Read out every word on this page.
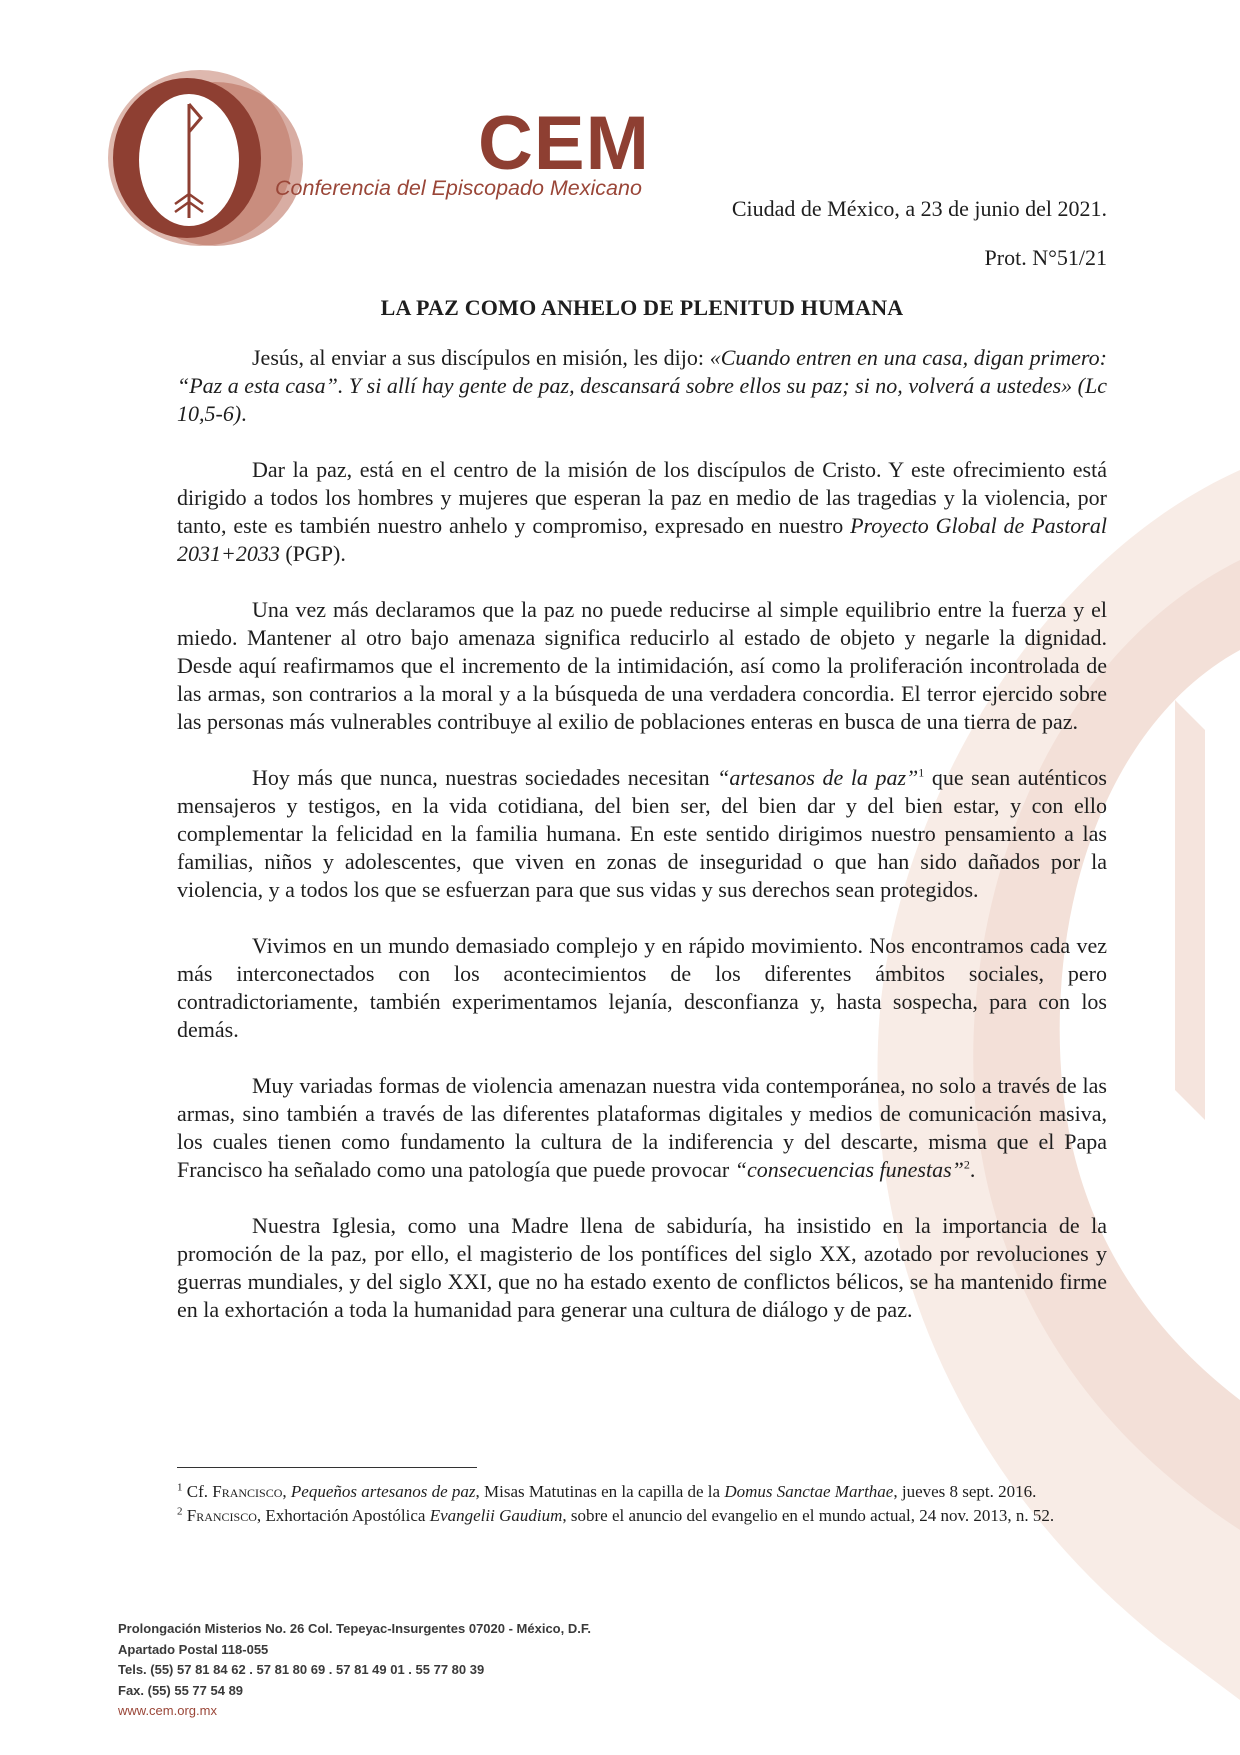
CEM

Conferencia del Episcopado Mexicano

Ciudad de México, a 23 de junio del 2021.

Prot. N°51/21

LA PAZ COMO ANHELO DE PLENITUD HUMANA

Jesús, al enviar a sus discípulos en misión, les dijo: «Cuando entren en una casa, digan primero: “Paz a esta casa”. Y si allí hay gente de paz, descansará sobre ellos su paz; si no, volverá a ustedes» (Lc 10,5-6).

Dar la paz, está en el centro de la misión de los discípulos de Cristo. Y este ofrecimiento está dirigido a todos los hombres y mujeres que esperan la paz en medio de las tragedias y la violencia, por tanto, este es también nuestro anhelo y compromiso, expresado en nuestro Proyecto Global de Pastoral 2031+2033 (PGP).

Una vez más declaramos que la paz no puede reducirse al simple equilibrio entre la fuerza y el miedo. Mantener al otro bajo amenaza significa reducirlo al estado de objeto y negarle la dignidad. Desde aquí reafirmamos que el incremento de la intimidación, así como la proliferación incontrolada de las armas, son contrarios a la moral y a la búsqueda de una verdadera concordia. El terror ejercido sobre las personas más vulnerables contribuye al exilio de poblaciones enteras en busca de una tierra de paz.

Hoy más que nunca, nuestras sociedades necesitan “artesanos de la paz”$^1$ que sean auténticos mensajeros y testigos, en la vida cotidiana, del bien ser, del bien dar y del bien estar, y con ello complementar la felicidad en la familia humana. En este sentido dirigimos nuestro pensamiento a las familias, niños y adolescentes, que viven en zonas de inseguridad o que han sido dañados por la violencia, y a todos los que se esfuerzan para que sus vidas y sus derechos sean protegidos.

Vivimos en un mundo demasiado complejo y en rápido movimiento. Nos encontramos cada vez más interconectados con los acontecimientos de los diferentes ámbitos sociales, pero contradictoriamente, también experimentamos lejanía, desconfianza y, hasta sospecha, para con los demás.

Muy variadas formas de violencia amenazan nuestra vida contemporánea, no solo a través de las armas, sino también a través de las diferentes plataformas digitales y medios de comunicación masiva, los cuales tienen como fundamento la cultura de la indiferencia y del descarte, misma que el Papa Francisco ha señalado como una patología que puede provocar “consecuencias funestas”$^2$.

Nuestra Iglesia, como una Madre llena de sabiduría, ha insistido en la importancia de la promoción de la paz, por ello, el magisterio de los pontífices del siglo XX, azotado por revoluciones y guerras mundiales, y del siglo XXI, que no ha estado exento de conflictos bélicos, se ha mantenido firme en la exhortación a toda la humanidad para generar una cultura de diálogo y de paz.

$^1$ Cf. Francisco, Pequeños artesanos de paz, Misas Matutinas en la capilla de la Domus Sanctae Marthae, jueves 8 sept. 2016.

$^2$ Francisco, Exhortación Apostólica Evangelii Gaudium, sobre el anuncio del evangelio en el mundo actual, 24 nov. 2013, n. 52.

Prolongación Misterios No. 26 Col. Tepeyac-Insurgentes 07020 - México, D.F.

Apartado Postal 118-055

Tels. (55) 57 81 84 62 . 57 81 80 69 . 57 81 49 01 . 55 77 80 39

Fax. (55) 55 77 54 89

www.cem.org.mx
